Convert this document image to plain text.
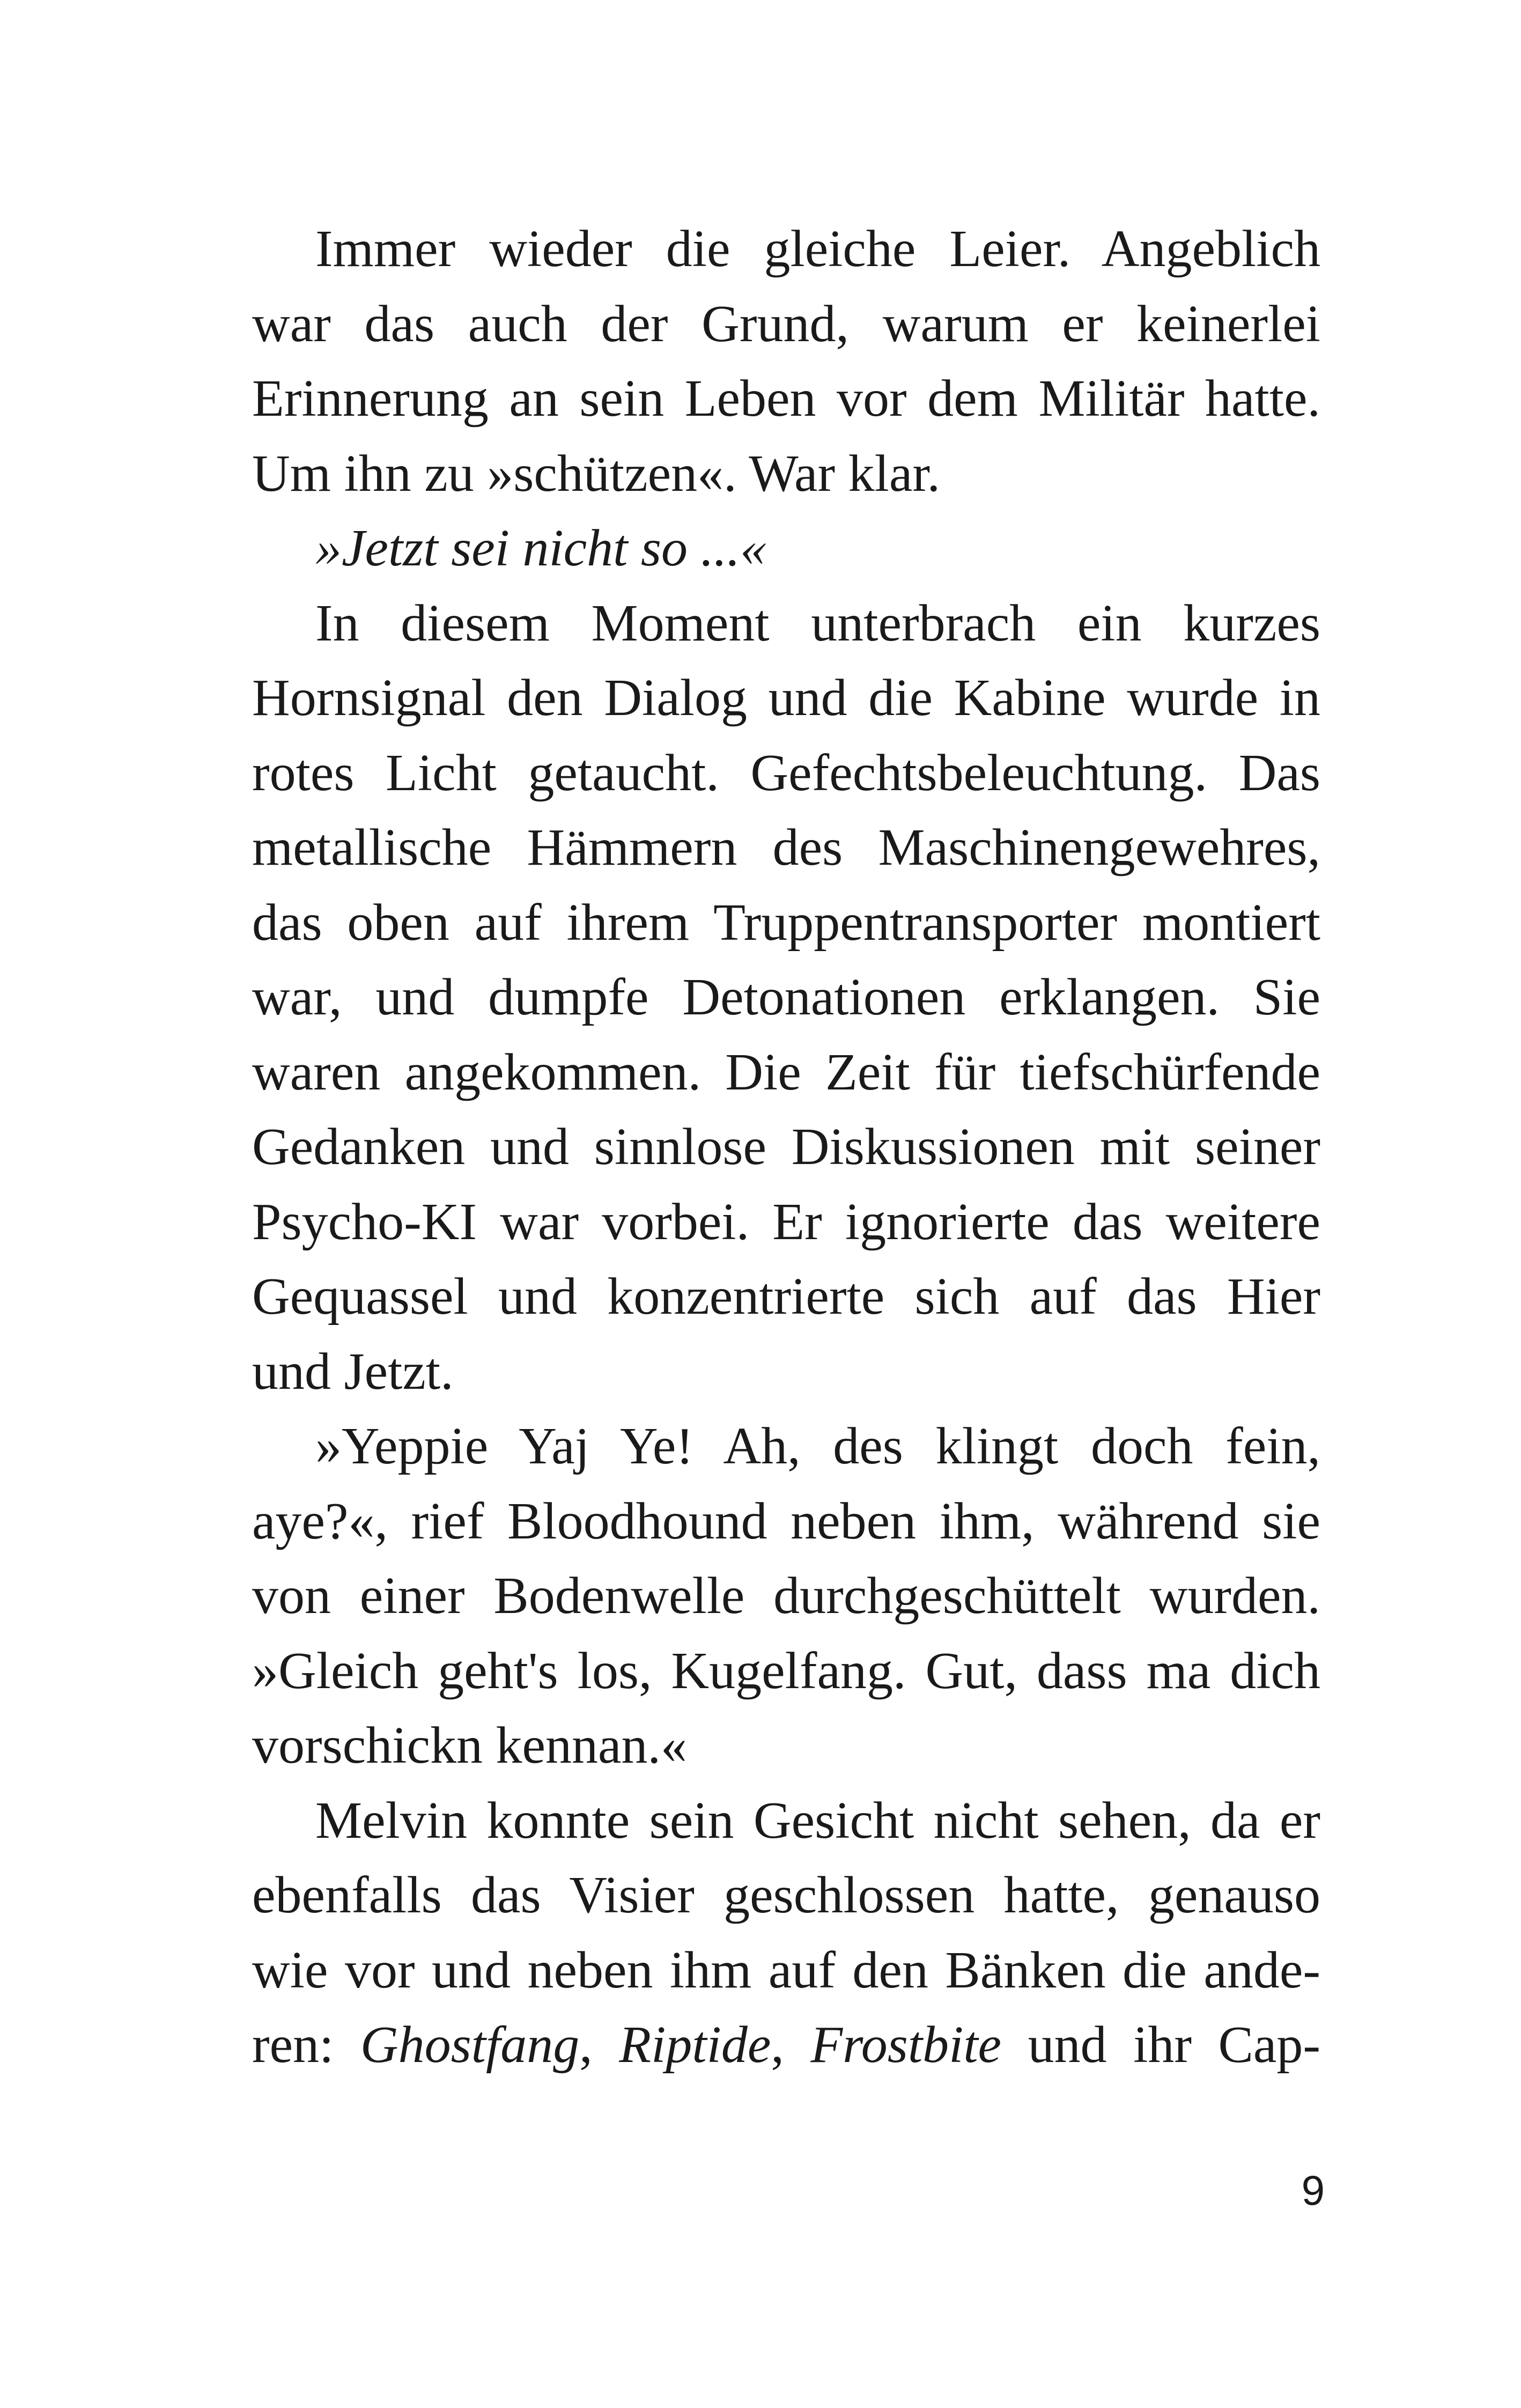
Immer wieder die gleiche Leier. Angeblich
war das auch der Grund, warum er keinerlei
Erinnerung an sein Leben vor dem Militär hatte.
Um ihn zu »schützen«. War klar.
»Jetzt sei nicht so ...«
In diesem Moment unterbrach ein kurzes
Hornsignal den Dialog und die Kabine wurde in
rotes Licht getaucht. Gefechtsbeleuchtung. Das
metallische Hämmern des Maschinengewehres,
das oben auf ihrem Truppentransporter montiert
war, und dumpfe Detonationen erklangen. Sie
waren angekommen. Die Zeit für tiefschürfende
Gedanken und sinnlose Diskussionen mit seiner
Psycho-KI war vorbei. Er ignorierte das weitere
Gequassel und konzentrierte sich auf das Hier
und Jetzt.
»Yeppie Yaj Ye! Ah, des klingt doch fein,
aye?«, rief Bloodhound neben ihm, während sie
von einer Bodenwelle durchgeschüttelt wurden.
»Gleich geht's los, Kugelfang. Gut, dass ma dich
vorschickn kennan.«
Melvin konnte sein Gesicht nicht sehen, da er
ebenfalls das Visier geschlossen hatte, genauso
wie vor und neben ihm auf den Bänken die ande-
ren: Ghostfang, Riptide, Frostbite und ihr Cap-
9
